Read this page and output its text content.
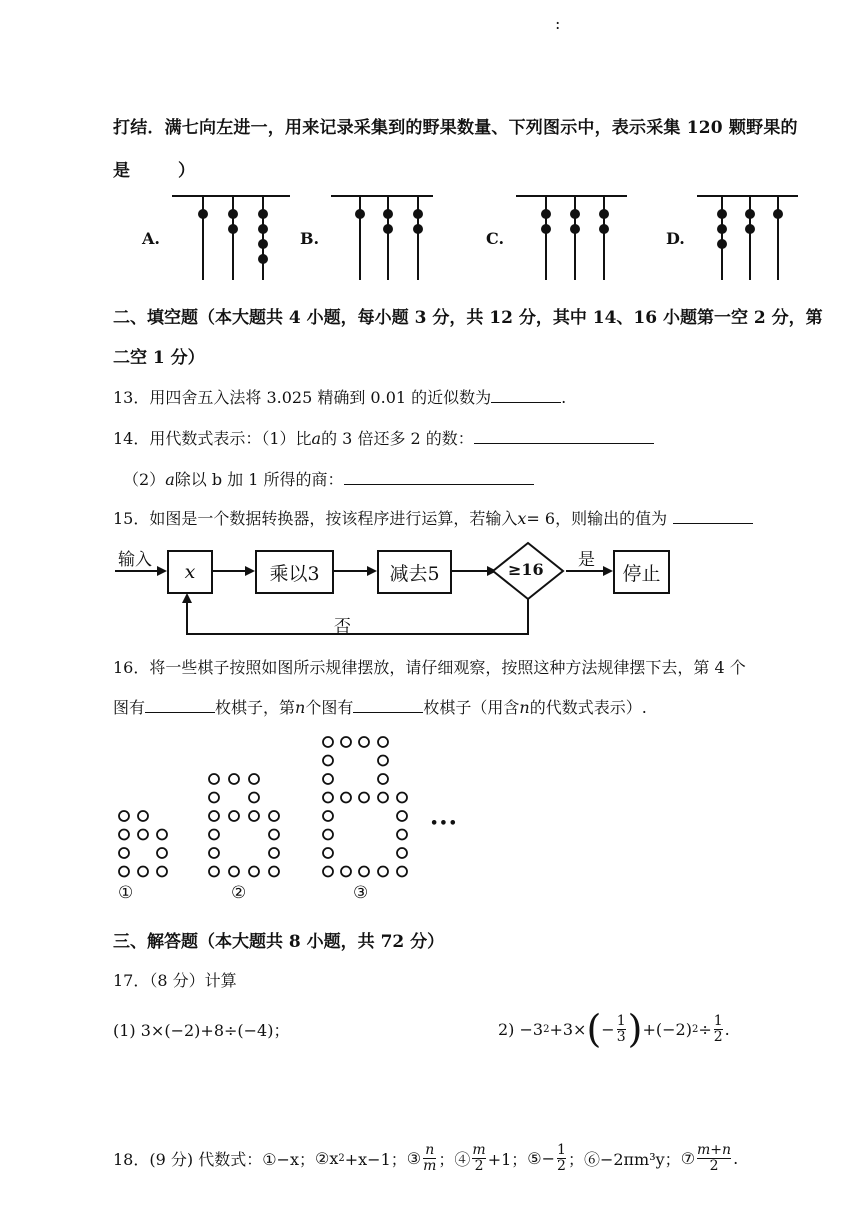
:
打结．满七向左进一，用来记录采集到的野果数量、下列图示中，表示采集 120 颗野果的
是	）
A.	B.	C.	D.
二、填空题（本大题共 4 小题，每小题 3 分，共 12 分，其中 14、16 小题第一空 2 分，第
二空 1 分）
13．用四舍五入法将 3.025 精确到 0.01 的近似数为	.
14．用代数式表示：（1）比a的 3 倍还多 2 的数：
（2）a除以 b 加 1 所得的商：
15．如图是一个数据转换器，按该程序进行运算，若输入x= 6，则输出的值为
输入
x	乘以3	减去5	≥16 是
停止
否
16．将一些棋子按照如图所示规律摆放，请仔细观察，按照这种方法规律摆下去，第 4 个
图有	枚棋子，第n个图有	枚棋子（用含n的代数式表示）.
①	②	③
•••
三、解答题（本大题共 8 小题，共 72 分）
17．（8 分）计算
(1) 3×(−2)+8÷(−4)；	2) −3 2 +3× ( − $\frac{1}{3}$ ) +(−2) $2 \div \frac{1}{2}$ .
18．(9 分) 代数式： ①−x； ②x 2 +x−1； ③ $\frac{n}{m}$ ；④ $\frac{m}{2} +1$； ⑤− $\frac{1}{2}$ ；⑥−2πm³y； ⑦ $\frac{m+n}{2}$ .
